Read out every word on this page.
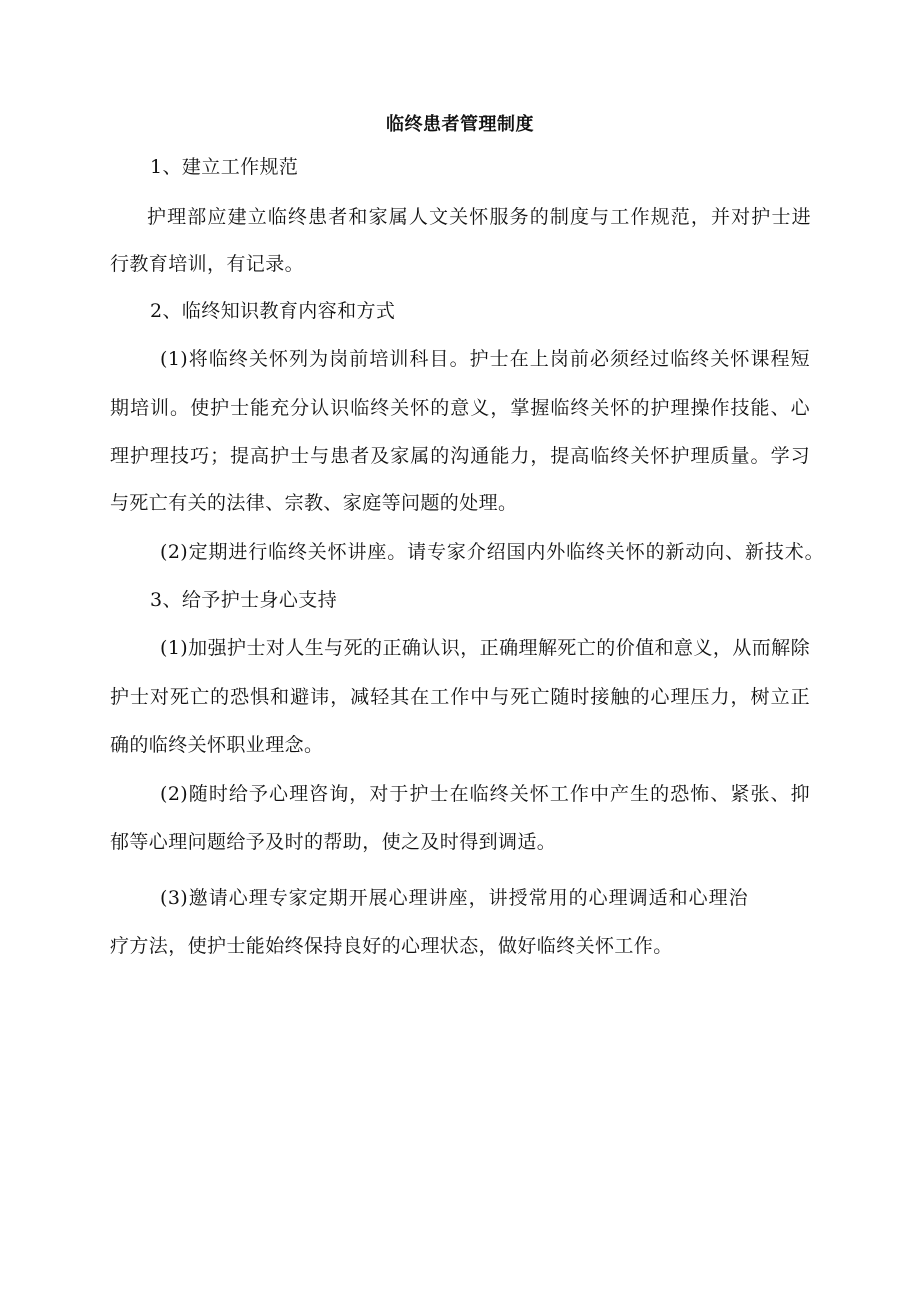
临终患者管理制度
1、建立工作规范
护理部应建立临终患者和家属人文关怀服务的制度与工作规范，并对护士进
行教育培训，有记录。
2、临终知识教育内容和方式
(1)将临终关怀列为岗前培训科目。护士在上岗前必须经过临终关怀课程短
期培训。使护士能充分认识临终关怀的意义，掌握临终关怀的护理操作技能、心
理护理技巧；提高护士与患者及家属的沟通能力，提高临终关怀护理质量。学习
与死亡有关的法律、宗教、家庭等问题的处理。
(2)定期进行临终关怀讲座。请专家介绍国内外临终关怀的新动向、新技术。
3、给予护士身心支持
(1)加强护士对人生与死的正确认识，正确理解死亡的价值和意义，从而解除
护士对死亡的恐惧和避讳，减轻其在工作中与死亡随时接触的心理压力，树立正
确的临终关怀职业理念。
(2)随时给予心理咨询，对于护士在临终关怀工作中产生的恐怖、紧张、抑
郁等心理问题给予及时的帮助，使之及时得到调适。
(3)邀请心理专家定期开展心理讲座，讲授常用的心理调适和心理治
疗方法，使护士能始终保持良好的心理状态，做好临终关怀工作。
